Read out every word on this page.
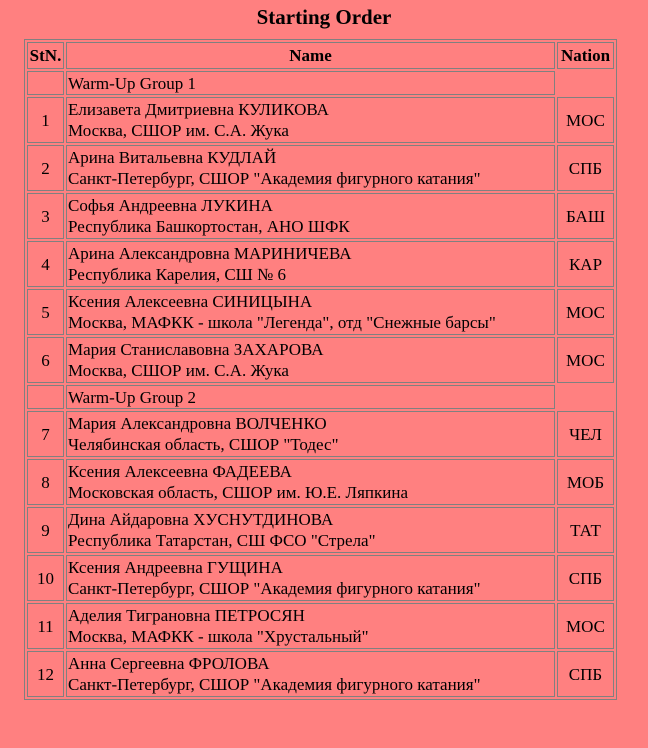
Starting Order
StN.	Name	Nation
	Warm-Up Group 1	
1	Елизавета Дмитриевна КУЛИКОВА
Москва, СШОР им. С.А. Жука	МОС
2	Арина Витальевна КУДЛАЙ
Санкт-Петербург, СШОР "Академия фигурного катания"	СПБ
3	Софья Андреевна ЛУКИНА
Республика Башкортостан, АНО ШФК	БАШ
4	Арина Александровна МАРИНИЧЕВА
Республика Карелия, СШ № 6	КАР
5	Ксения Алексеевна СИНИЦЫНА
Москва, МАФКК - школа "Легенда", отд "Снежные барсы"	МОС
6	Мария Станиславовна ЗАХАРОВА
Москва, СШОР им. С.А. Жука	МОС
	Warm-Up Group 2	
7	Мария Александровна ВОЛЧЕНКО
Челябинская область, СШОР "Тодес"	ЧЕЛ
8	Ксения Алексеевна ФАДЕЕВА
Московская область, СШОР им. Ю.Е. Ляпкина	МОБ
9	Дина Айдаровна ХУСНУТДИНОВА
Республика Татарстан, СШ ФСО "Стрела"	ТАТ
10	Ксения Андреевна ГУЩИНА
Санкт-Петербург, СШОР "Академия фигурного катания"	СПБ
11	Аделия Тиграновна ПЕТРОСЯН
Москва, МАФКК - школа "Хрустальный"	МОС
12	Анна Сергеевна ФРОЛОВА
Санкт-Петербург, СШОР "Академия фигурного катания"	СПБ
